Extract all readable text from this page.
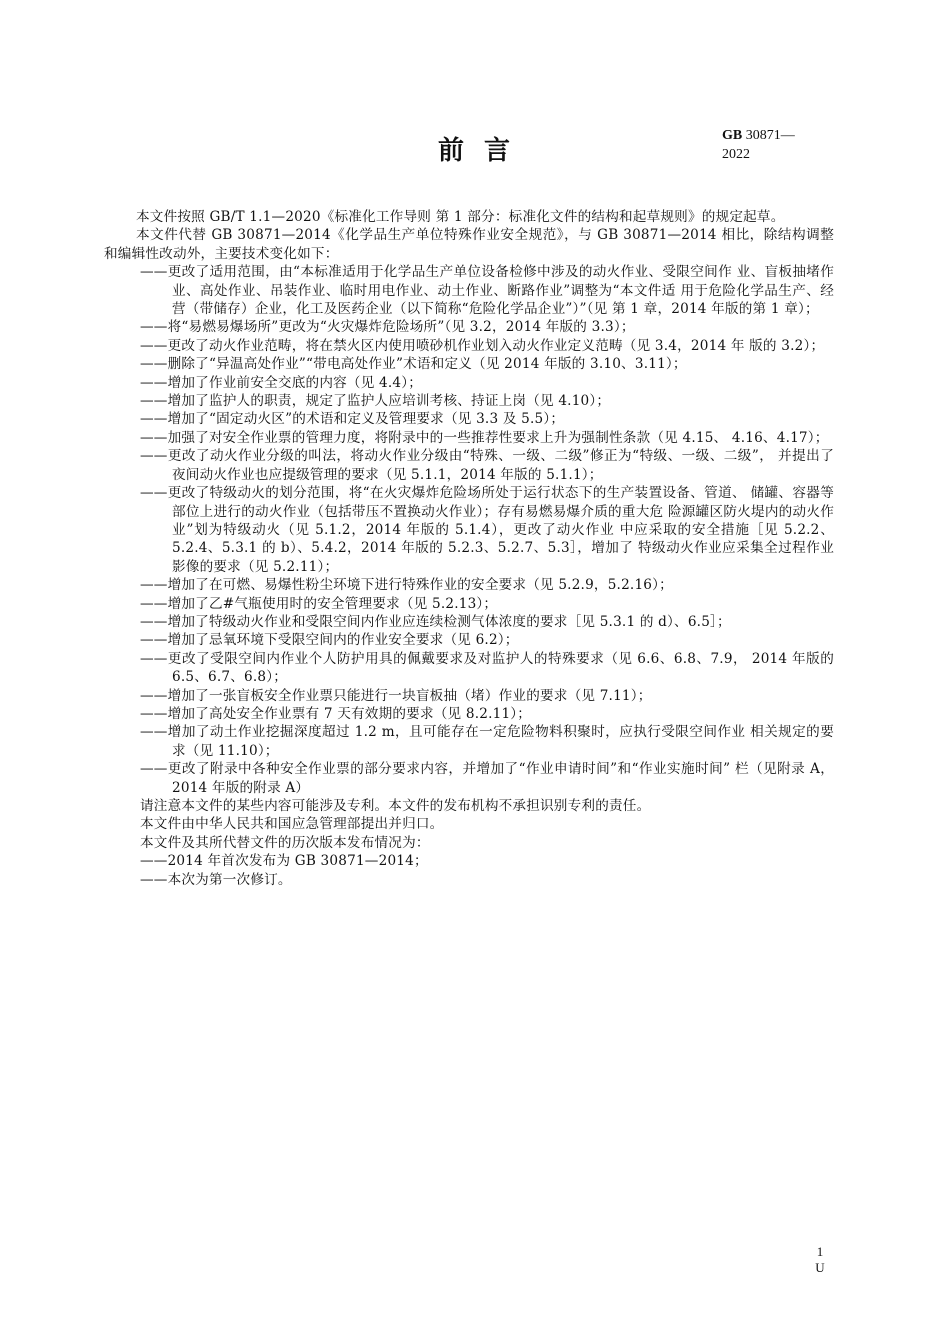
GB 30871—
2022
前言

本文件按照 GB/T 1.1—2020《标准化工作导则 第 1 部分：标准化文件的结构和起草规则》的规定起草。

本文件代替 GB 30871—2014《化学品生产单位特殊作业安全规范》，与 GB 30871—2014 相比，除结构调整和编辑性改动外，主要技术变化如下：

——更改了适用范围，由“本标准适用于化学品生产单位设备检修中涉及的动火作业、受限空间作 业、盲板抽堵作业、高处作业、吊装作业、临时用电作业、动土作业、断路作业”调整为“本文件适 用于危险化学品生产、经营（带储存）企业，化工及医药企业（以下简称“危险化学品企业”）”（见 第 1 章，2014 年版的第 1 章）；

——将“易燃易爆场所”更改为“火灾爆炸危险场所”（见 3.2，2014 年版的 3.3）；

——更改了动火作业范畴，将在禁火区内使用喷砂机作业划入动火作业定义范畴（见 3.4，2014 年 版的 3.2）；

——删除了“异温高处作业”“带电高处作业”术语和定义（见 2014 年版的 3.10、3.11）；

——增加了作业前安全交底的内容（见 4.4）；

——增加了监护人的职责，规定了监护人应培训考核、持证上岗（见 4.10）；

——增加了“固定动火区”的术语和定义及管理要求（见 3.3 及 5.5）；

——加强了对安全作业票的管理力度，将附录中的一些推荐性要求上升为强制性条款（见 4.15、 4.16、4.17）；

——更改了动火作业分级的叫法，将动火作业分级由“特殊、一级、二级”修正为“特级、一级、二级”， 并提出了夜间动火作业也应提级管理的要求（见 5.1.1，2014 年版的 5.1.1）；

——更改了特级动火的划分范围，将“在火灾爆炸危险场所处于运行状态下的生产装置设备、管道、 储罐、容器等部位上进行的动火作业（包括带压不置换动火作业）；存有易燃易爆介质的重大危 险源罐区防火堤内的动火作业”划为特级动火（见 5.1.2，2014 年版的 5.1.4），更改了动火作业 中应采取的安全措施［见 5.2.2、5.2.4、5.3.1 的 b）、5.4.2，2014 年版的 5.2.3、5.2.7、5.3］，增加了 特级动火作业应采集全过程作业影像的要求（见 5.2.11）；

——增加了在可燃、易爆性粉尘环境下进行特殊作业的安全要求（见 5.2.9，5.2.16）；

——增加了乙#气瓶使用时的安全管理要求（见 5.2.13）；

——增加了特级动火作业和受限空间内作业应连续检测气体浓度的要求［见 5.3.1 的 d）、6.5］；

——增加了忌氧环境下受限空间内的作业安全要求（见 6.2）；

——更改了受限空间内作业个人防护用具的佩戴要求及对监护人的特殊要求（见 6.6、6.8、7.9， 2014 年版的 6.5、6.7、6.8）；

——增加了一张盲板安全作业票只能进行一块盲板抽（堵）作业的要求（见 7.11）；

——增加了高处安全作业票有 7 天有效期的要求（见 8.2.11）；

——增加了动土作业挖掘深度超过 1.2 m，且可能存在一定危险物料积聚时，应执行受限空间作业 相关规定的要求（见 11.10）；

——更改了附录中各种安全作业票的部分要求内容，并增加了“作业申请时间”和“作业实施时间” 栏（见附录 A，2014 年版的附录 A）

请注意本文件的某些内容可能涉及专利。本文件的发布机构不承担识别专利的责任。

本文件由中华人民共和国应急管理部提出并归口。

本文件及其所代替文件的历次版本发布情况为：

——2014 年首次发布为 GB 30871—2014；

——本次为第一次修订。

1
U
